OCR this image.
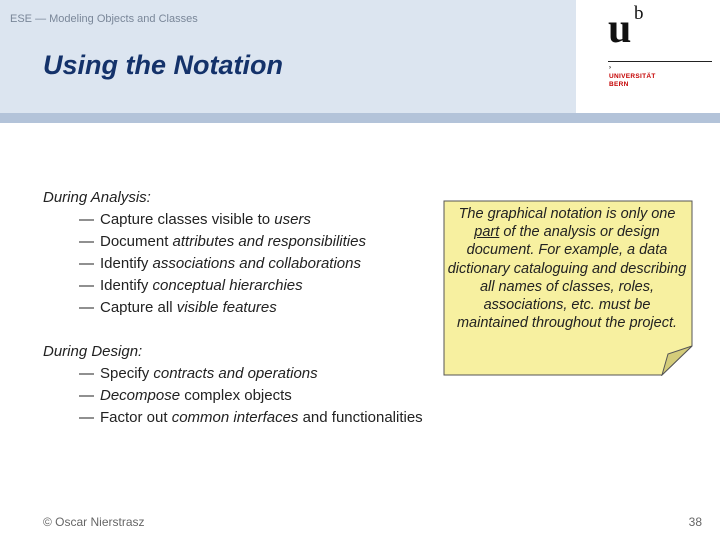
ESE — Modeling Objects and Classes
Using the Notation
u b
›
UNIVERSITÄT
BERN
During Analysis:
— Capture classes visible to users
— Document attributes and responsibilities
— Identify associations and collaborations
— Identify conceptual hierarchies
— Capture all visible features
During Design:
— Specify contracts and operations
— Decompose complex objects
— Factor out common interfaces and functionalities
The graphical notation is only one part of the analysis or design document. For example, a data dictionary cataloguing and describing all names of classes, roles, associations, etc. must be maintained throughout the project.
© Oscar Nierstrasz	38
